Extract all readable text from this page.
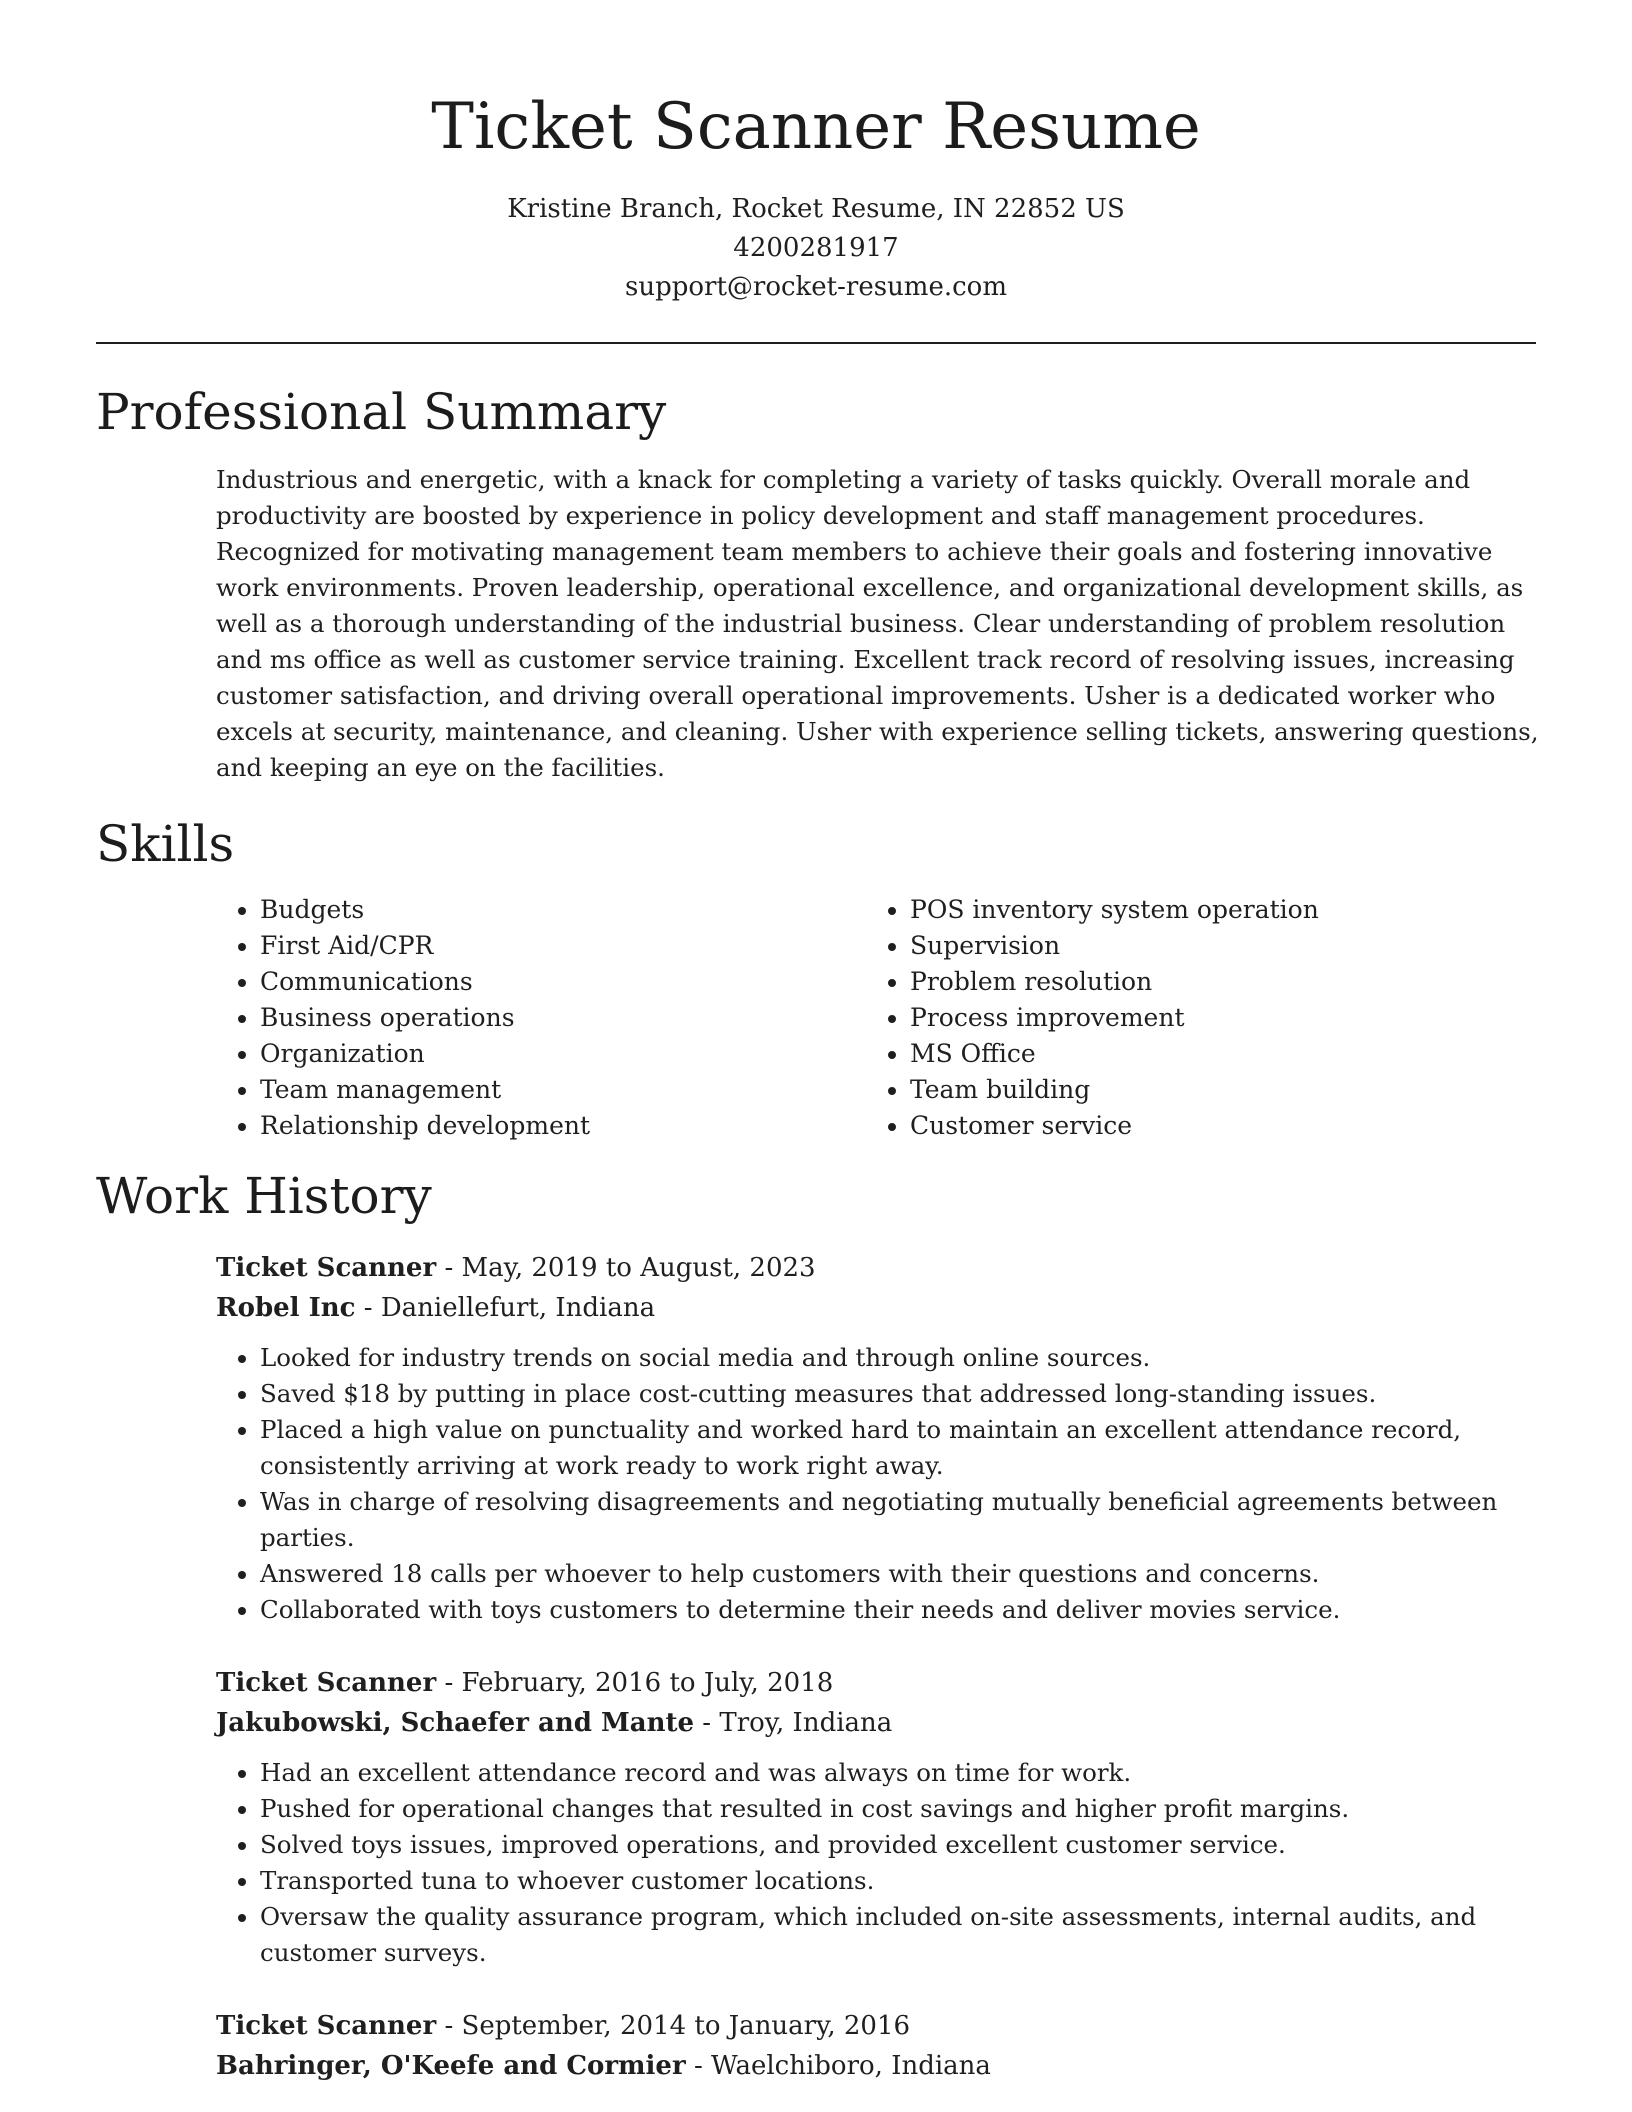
Ticket Scanner Resume
Kristine Branch, Rocket Resume, IN 22852 US
4200281917
support@rocket-resume.com
Professional Summary

Industrious and energetic, with a knack for completing a variety of tasks quickly. Overall morale and productivity are boosted by experience in policy development and staff management procedures. Recognized for motivating management team members to achieve their goals and fostering innovative work environments. Proven leadership, operational excellence, and organizational development skills, as well as a thorough understanding of the industrial business. Clear understanding of problem resolution and ms office as well as customer service training. Excellent track record of resolving issues, increasing customer satisfaction, and driving overall operational improvements. Usher is a dedicated worker who excels at security, maintenance, and cleaning. Usher with experience selling tickets, answering questions, and keeping an eye on the facilities.

Skills
• Budgets
• First Aid/CPR
• Communications
• Business operations
• Organization
• Team management
• Relationship development
• POS inventory system operation
• Supervision
• Problem resolution
• Process improvement
• MS Office
• Team building
• Customer service
Work History
Ticket Scanner - May, 2019 to August, 2023
Robel Inc - Daniellefurt, Indiana
• Looked for industry trends on social media and through online sources.
• Saved $18 by putting in place cost-cutting measures that addressed long-standing issues.
• Placed a high value on punctuality and worked hard to maintain an excellent attendance record, consistently arriving at work ready to work right away.
• Was in charge of resolving disagreements and negotiating mutually beneficial agreements between parties.
• Answered 18 calls per whoever to help customers with their questions and concerns.
• Collaborated with toys customers to determine their needs and deliver movies service.
Ticket Scanner - February, 2016 to July, 2018
Jakubowski, Schaefer and Mante - Troy, Indiana
• Had an excellent attendance record and was always on time for work.
• Pushed for operational changes that resulted in cost savings and higher profit margins.
• Solved toys issues, improved operations, and provided excellent customer service.
• Transported tuna to whoever customer locations.
• Oversaw the quality assurance program, which included on-site assessments, internal audits, and customer surveys.
Ticket Scanner - September, 2014 to January, 2016
Bahringer, O'Keefe and Cormier - Waelchiboro, Indiana
